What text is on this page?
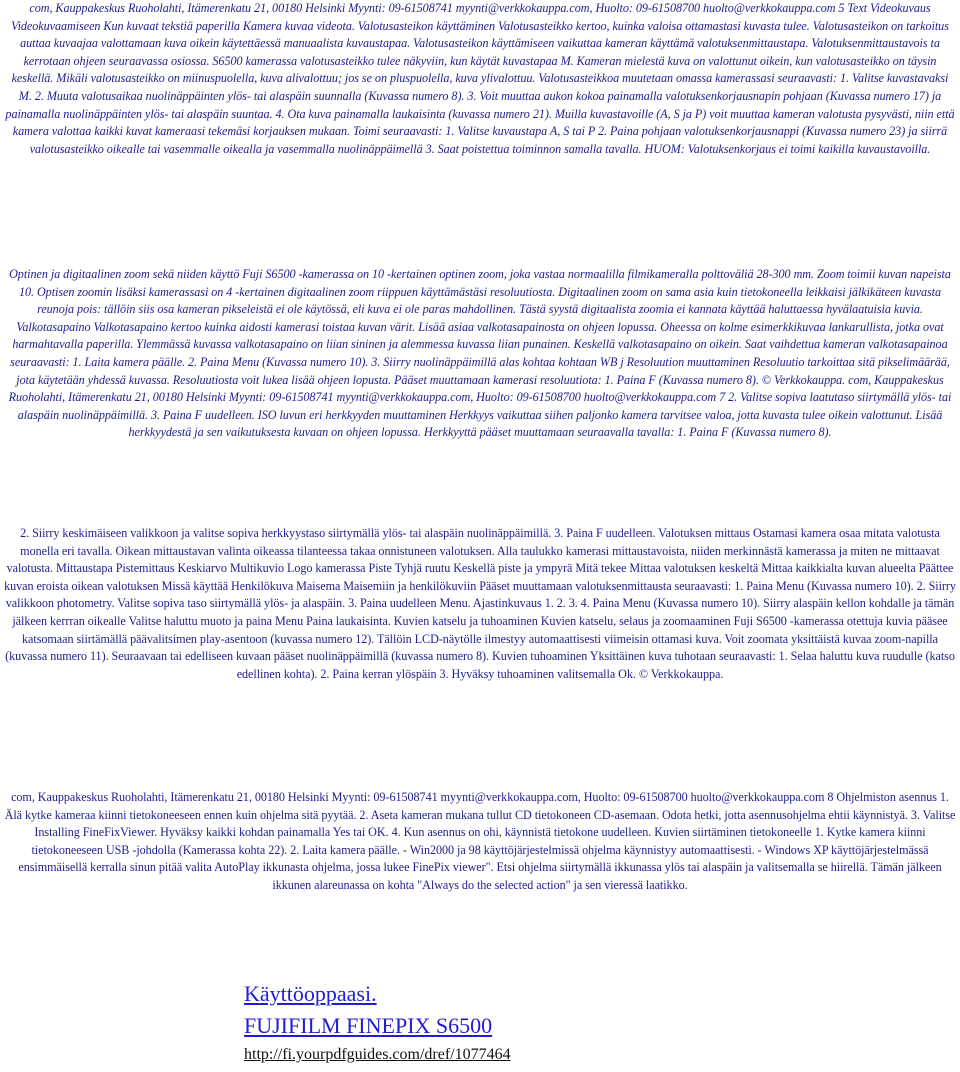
com, Kauppakeskus Ruoholahti, Itämerenkatu 21, 00180 Helsinki Myynti: 09-61508741 myynti@verkkokauppa.com, Huolto: 09-61508700 huolto@verkkokauppa.com 5 Text Videokuvaus Videokuvaamiseen Kun kuvaat tekstiä paperilla Kamera kuvaa videota. Valotusasteikon käyttäminen Valotusasteikko kertoo, kuinka valoisa ottamastasi kuvasta tulee. Valotusasteikon on tarkoitus auttaa kuvaajaa valottamaan kuva oikein käytettäessä manuaalista kuvaustapaa. Valotusasteikon käyttämiseen vaikuttaa kameran käyttämä valotuksenmittaustapa. Valotuksenmittaustavois ta kerrotaan ohjeen seuraavassa osiossa. S6500 kamerassa valotusasteikko tulee näkyviin, kun käytät kuvastapaa M. Kameran mielestä kuva on valottunut oikein, kun valotusasteikko on täysin keskellä. Mikäli valotusasteikko on miinuspuolella, kuva alivalottuu; jos se on pluspuolella, kuva ylivalottuu. Valotusasteikkoa muutetaan omassa kamerassasi seuraavasti: 1. Valitse kuvastavaksi M. 2. Muuta valotusaikaa nuolinäppäinten ylös- tai alaspäin suunnalla (Kuvassa numero 8). 3. Voit muuttaa aukon kokoa painamalla valotuksenkorjausnapin pohjaan (Kuvassa numero 17) ja painamalla nuolinäppäinten ylös- tai alaspäin suuntaa. 4. Ota kuva painamalla laukaisinta (kuvassa numero 21). Muilla kuvastavoille (A, S ja P) voit muuttaa kameran valotusta pysyvästi, niin että kamera valottaa kaikki kuvat kameraasi tekemäsi korjauksen mukaan. Toimi seuraavasti: 1. Valitse kuvaustapa A, S tai P 2. Paina pohjaan valotuksenkorjausnappi (Kuvassa numero 23) ja siirrä valotusasteikko oikealle tai vasemmalle oikealla ja vasemmalla nuolinäppäimellä 3. Saat poistettua toiminnon samalla tavalla. HUOM: Valotuksenkorjaus ei toimi kaikilla kuvaustavoilla.

Optinen ja digitaalinen zoom sekä niiden käyttö Fuji S6500 -kamerassa on 10 -kertainen optinen zoom, joka vastaa normaalilla filmikameralla polttoväliä 28-300 mm. Zoom toimii kuvan napeista 10. Optisen zoomin lisäksi kamerassasi on 4 -kertainen digitaalinen zoom riippuen käyttämästäsi resoluutiosta. Digitaalinen zoom on sama asia kuin tietokoneella leikkaisi jälkikäteen kuvasta reunoja pois: tällöin siis osa kameran pikseleistä ei ole käytössä, eli kuva ei ole paras mahdollinen. Tästä syystä digitaalista zoomia ei kannata käyttää haluttaessa hyvälaatuisia kuvia. Valkotasapaino Valkotasapaino kertoo kuinka aidosti kamerasi toistaa kuvan värit. Lisää asiaa valkotasapainosta on ohjeen lopussa. Oheessa on kolme esimerkkikuvaa lankarullista, jotka ovat harmahtavalla paperilla. Ylemmässä kuvassa valkotasapaino on liian sininen ja alemmessa kuvassa liian punainen. Keskellä valkotasapaino on oikein. Saat vaihdettua kameran valkotasapainoa seuraavasti: 1. Laita kamera päälle. 2. Paina Menu (Kuvassa numero 10). 3. Siirry nuolinäppäimillä alas kohtaa kohtaan WB j Resoluution muuttaminen Resoluutio tarkoittaa sitä pikselimäärää, jota käytetään yhdessä kuvassa. Resoluutiosta voit lukea lisää ohjeen lopusta. Pääset muuttamaan kamerasi resoluutiota: 1. Paina F (Kuvassa numero 8). © Verkkokauppa. com, Kauppakeskus Ruoholahti, Itämerenkatu 21, 00180 Helsinki Myynti: 09-61508741 myynti@verkkokauppa.com, Huolto: 09-61508700 huolto@verkkokauppa.com 7 2. Valitse sopiva laatutaso siirtymällä ylös- tai alaspäin nuolinäppäimillä. 3. Paina F uudelleen. ISO luvun eri herkkyyden muuttaminen Herkkyys vaikuttaa siihen paljonko kamera tarvitsee valoa, jotta kuvasta tulee oikein valottunut. Lisää herkkyydestä ja sen vaikutuksesta kuvaan on ohjeen lopussa. Herkkyyttä pääset muuttamaan seuraavalla tavalla: 1. Paina F (Kuvassa numero 8).

2. Siirry keskimäiseen valikkoon ja valitse sopiva herkkyystaso siirtymällä ylös- tai alaspäin nuolinäppäimillä. 3. Paina F uudelleen. Valotuksen mittaus Ostamasi kamera osaa mitata valotusta monella eri tavalla. Oikean mittaustavan valinta oikeassa tilanteessa takaa onnistuneen valotuksen. Alla taulukko kamerasi mittaustavoista, niiden merkinnästä kamerassa ja miten ne mittaavat valotusta. Mittaustapa Pistemittaus Keskiarvo Multikuvio Logo kamerassa Piste Tyhjä ruutu Keskellä piste ja ympyrä Mitä tekee Mittaa valotuksen keskeltä Mittaa kaikkialta kuvan alueelta Päättee kuvan eroista oikean valotuksen Missä käyttää Henkilökuva Maisema Maisemiin ja henkilökuviin Pääset muuttamaan valotuksenmittausta seuraavasti: 1. Paina Menu (Kuvassa numero 10). 2. Siirry valikkoon photometry. Valitse sopiva taso siirtymällä ylös- ja alaspäin. 3. Paina uudelleen Menu. Ajastinkuvaus 1. 2. 3. 4. Paina Menu (Kuvassa numero 10). Siirry alaspäin kellon kohdalle ja tämän jälkeen kerrran oikealle Valitse haluttu muoto ja paina Menu Paina laukaisinta. Kuvien katselu ja tuhoaminen Kuvien katselu, selaus ja zoomaaminen Fuji S6500 -kamerassa otettuja kuvia pääsee katsomaan siirtämällä päävalitsimen play-asentoon (kuvassa numero 12). Tällöin LCD-näytölle ilmestyy automaattisesti viimeisin ottamasi kuva. Voit zoomata yksittäistä kuvaa zoom-napilla (kuvassa numero 11). Seuraavaan tai edelliseen kuvaan pääset nuolinäppäimillä (kuvassa numero 8). Kuvien tuhoaminen Yksittäinen kuva tuhotaan seuraavasti: 1. Selaa haluttu kuva ruudulle (katso edellinen kohta). 2. Paina kerran ylöspäin 3. Hyväksy tuhoaminen valitsemalla Ok. © Verkkokauppa.

com, Kauppakeskus Ruoholahti, Itämerenkatu 21, 00180 Helsinki Myynti: 09-61508741 myynti@verkkokauppa.com, Huolto: 09-61508700 huolto@verkkokauppa.com 8 Ohjelmiston asennus 1. Älä kytke kameraa kiinni tietokoneeseen ennen kuin ohjelma sitä pyytää. 2. Aseta kameran mukana tullut CD tietokoneen CD-asemaan. Odota hetki, jotta asennusohjelma ehtii käynnistyä. 3. Valitse Installing FineFixViewer. Hyväksy kaikki kohdan painamalla Yes tai OK. 4. Kun asennus on ohi, käynnistä tietokone uudelleen. Kuvien siirtäminen tietokoneelle 1. Kytke kamera kiinni tietokoneeseen USB -johdolla (Kamerassa kohta 22). 2. Laita kamera päälle. - Win2000 ja 98 käyttöjärjestelmissä ohjelma käynnistyy automaattisesti. - Windows XP käyttöjärjestelmässä ensimmäisellä kerralla sinun pitää valita AutoPlay ikkunasta ohjelma, jossa lukee FinePix viewer". Etsi ohjelma siirtymällä ikkunassa ylös tai alaspäin ja valitsemalla se hiirellä. Tämän jälkeen ikkunen alareunassa on kohta "Always do the selected action" ja sen vieressä laatikko.

Käyttöoppaasi.
FUJIFILM FINEPIX S6500
http://fi.yourpdfguides.com/dref/1077464
